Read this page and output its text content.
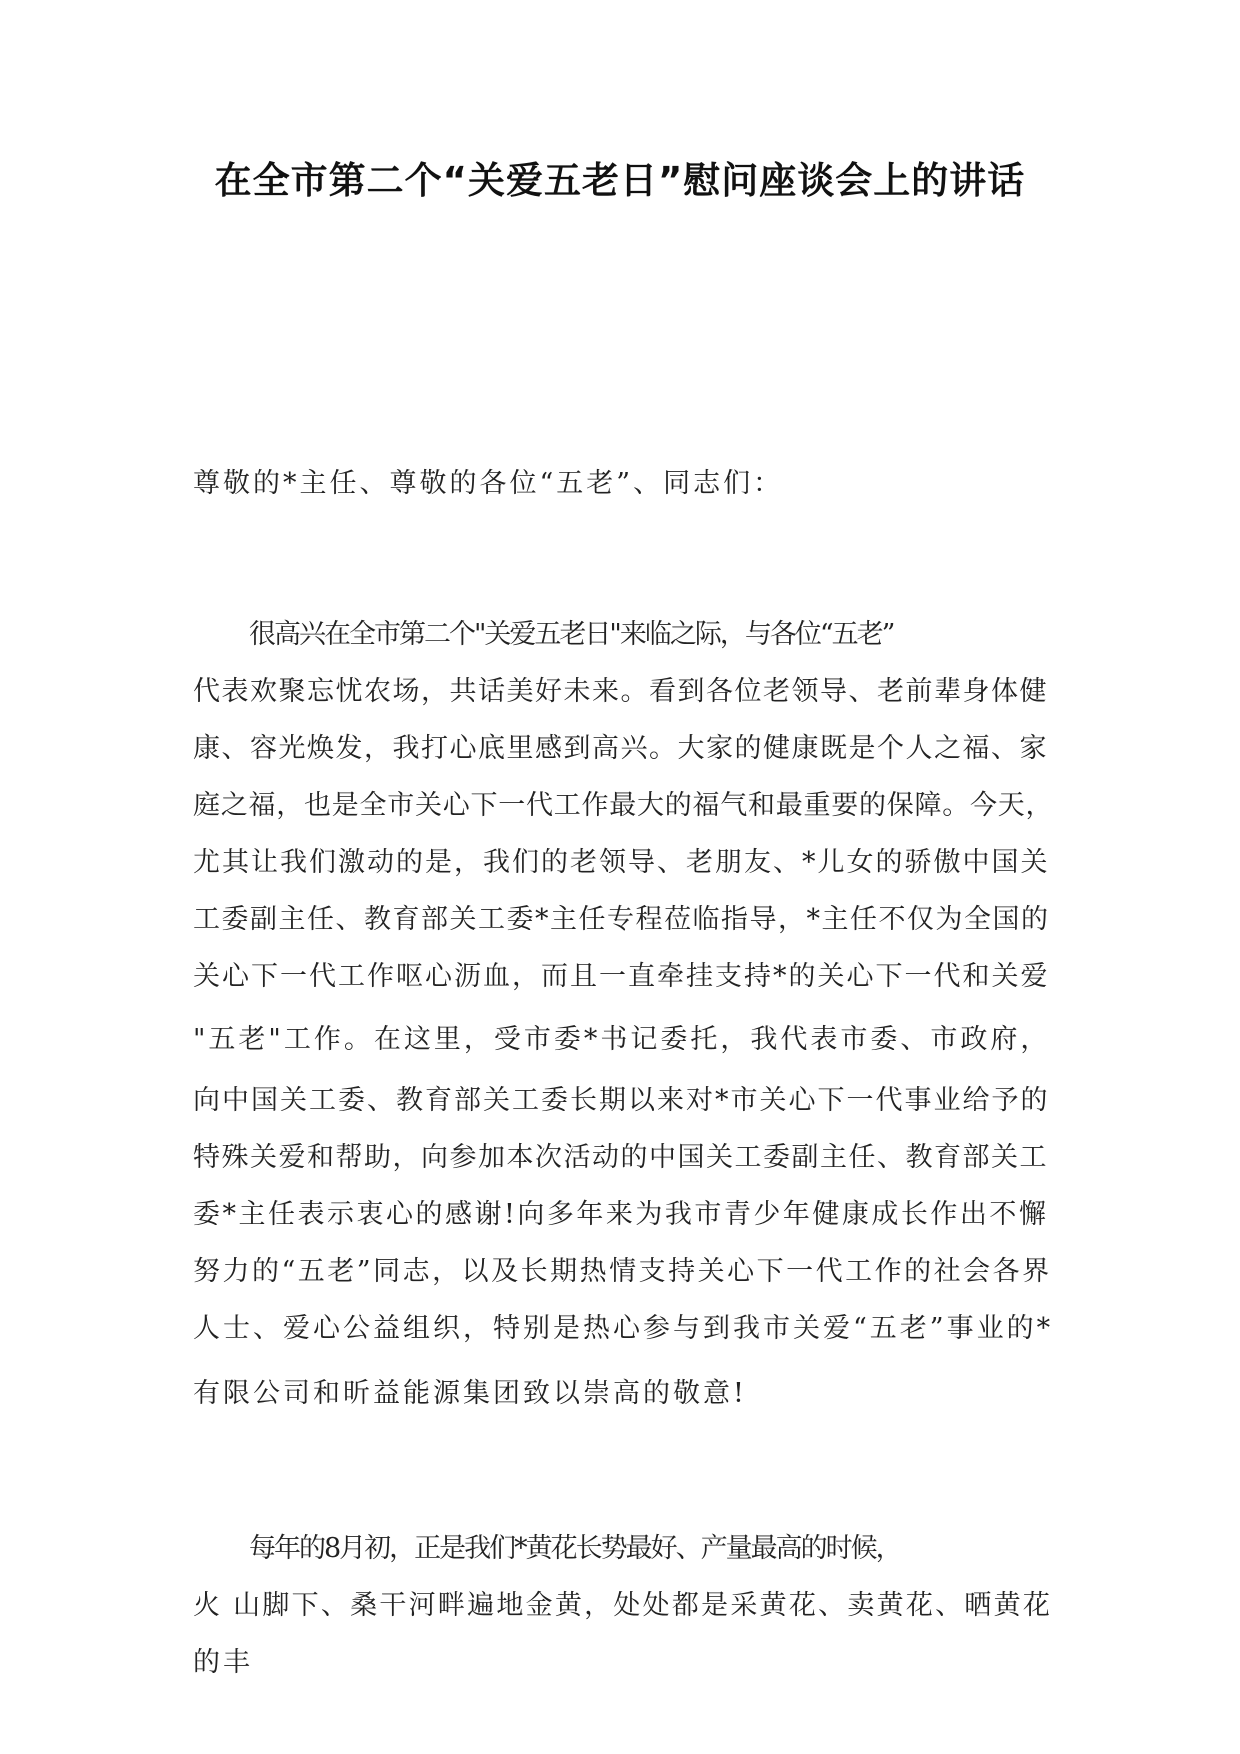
在全市第二个“关爱五老日”慰问座谈会上的讲话
尊敬的*主任、尊敬的各位“五老”、同志们：
很高兴在全市第二个"关爱五老日"来临之际，与各位“五老”
代表欢聚忘忧农场，共话美好未来。看到各位老领导、老前辈身体健
康、容光焕发，我打心底里感到高兴。大家的健康既是个人之福、家
庭之福，也是全市关心下一代工作最大的福气和最重要的保障。今天，
尤其让我们激动的是，我们的老领导、老朋友、*儿女的骄傲中国关
工委副主任、教育部关工委*主任专程莅临指导，*主任不仅为全国的
关心下一代工作呕心沥血，而且一直牵挂支持*的关心下一代和关爱
"五老"工作。在这里，受市委*书记委托，我代表市委、市政府，
向中国关工委、教育部关工委长期以来对*市关心下一代事业给予的
特殊关爱和帮助，向参加本次活动的中国关工委副主任、教育部关工
委*主任表示衷心的感谢!向多年来为我市青少年健康成长作出不懈
努力的“五老”同志，以及长期热情支持关心下一代工作的社会各界
人士、爱心公益组织，特别是热心参与到我市关爱“五老”事业的*
有限公司和昕益能源集团致以崇高的敬意!
每年的8月初，正是我们*黄花长势最好、产量最高的时候，
火 山脚下、桑干河畔遍地金黄，处处都是采黄花、卖黄花、晒黄花
的丰
